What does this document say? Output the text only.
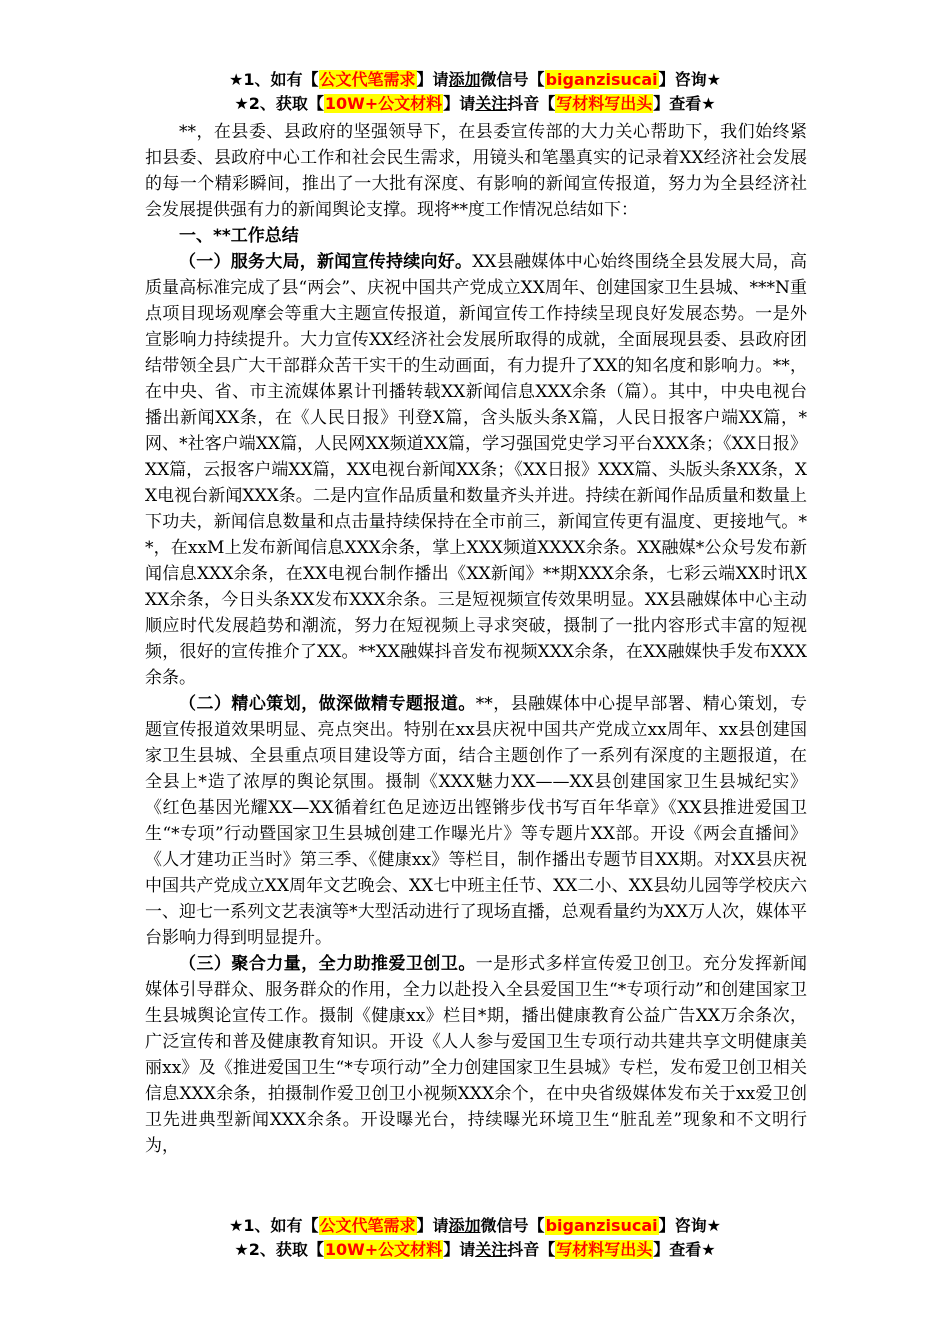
★1、如有【公文代笔需求】请添加微信号【biganzisucai】咨询★
★2、获取【10W+公文材料】请关注抖音【写材料写出头】查看★

**，在县委、县政府的坚强领导下，在县委宣传部的大力关心帮助下，我们始终紧扣县委、县政府中心工作和社会民生需求，用镜头和笔墨真实的记录着XX经济社会发展的每一个精彩瞬间，推出了一大批有深度、有影响的新闻宣传报道，努力为全县经济社会发展提供强有力的新闻舆论支撑。现将**度工作情况总结如下：

一、**工作总结

（一）服务大局，新闻宣传持续向好。XX县融媒体中心始终围绕全县发展大局，高质量高标准完成了县“两会”、庆祝中国共产党成立XX周年、创建国家卫生县城、***N重点项目现场观摩会等重大主题宣传报道，新闻宣传工作持续呈现良好发展态势。一是外宣影响力持续提升。大力宣传XX经济社会发展所取得的成就，全面展现县委、县政府团结带领全县广大干部群众苦干实干的生动画面，有力提升了XX的知名度和影响力。**，在中央、省、市主流媒体累计刊播转载XX新闻信息XXX余条（篇）。其中，中央电视台播出新闻XX条，在《人民日报》刊登X篇，含头版头条X篇，人民日报客户端XX篇，*网、*社客户端XX篇，人民网XX频道XX篇，学习强国党史学习平台XXX条；《XX日报》XX篇，云报客户端XX篇，XX电视台新闻XX条；《XX日报》XXX篇、头版头条XX条，XX电视台新闻XXX条。二是内宣作品质量和数量齐头并进。持续在新闻作品质量和数量上下功夫，新闻信息数量和点击量持续保持在全市前三，新闻宣传更有温度、更接地气。**，在xxM上发布新闻信息XXX余条，掌上XXX频道XXXX余条。XX融媒*公众号发布新闻信息XXX余条，在XX电视台制作播出《XX新闻》**期XXX余条，七彩云端XX时讯XXX余条，今日头条XX发布XXX余条。三是短视频宣传效果明显。XX县融媒体中心主动顺应时代发展趋势和潮流，努力在短视频上寻求突破，摄制了一批内容形式丰富的短视频，很好的宣传推介了XX。**XX融媒抖音发布视频XXX余条，在XX融媒快手发布XXX余条。

（二）精心策划，做深做精专题报道。**，县融媒体中心提早部署、精心策划，专题宣传报道效果明显、亮点突出。特别在xx县庆祝中国共产党成立xx周年、xx县创建国家卫生县城、全县重点项目建设等方面，结合主题创作了一系列有深度的主题报道，在全县上*造了浓厚的舆论氛围。摄制《XXX魅力XX——XX县创建国家卫生县城纪实》《红色基因光耀XX—XX循着红色足迹迈出铿锵步伐书写百年华章》《XX县推进爱国卫生“*专项”行动暨国家卫生县城创建工作曝光片》等专题片XX部。开设《两会直播间》《人才建功正当时》第三季、《健康xx》等栏目，制作播出专题节目XX期。对XX县庆祝中国共产党成立XX周年文艺晚会、XX七中班主任节、XX二小、XX县幼儿园等学校庆六一、迎七一系列文艺表演等*大型活动进行了现场直播，总观看量约为XX万人次，媒体平台影响力得到明显提升。

（三）聚合力量，全力助推爱卫创卫。一是形式多样宣传爱卫创卫。充分发挥新闻媒体引导群众、服务群众的作用，全力以赴投入全县爱国卫生“*专项行动”和创建国家卫生县城舆论宣传工作。摄制《健康xx》栏目*期，播出健康教育公益广告XX万余条次，广泛宣传和普及健康教育知识。开设《人人参与爱国卫生专项行动共建共享文明健康美丽xx》及《推进爱国卫生“*专项行动”全力创建国家卫生县城》专栏，发布爱卫创卫相关信息XXX余条，拍摄制作爱卫创卫小视频XXX余个，在中央省级媒体发布关于xx爱卫创卫先进典型新闻XXX余条。开设曝光台，持续曝光环境卫生“脏乱差”现象和不文明行为，

★1、如有【公文代笔需求】请添加微信号【biganzisucai】咨询★
★2、获取【10W+公文材料】请关注抖音【写材料写出头】查看★
